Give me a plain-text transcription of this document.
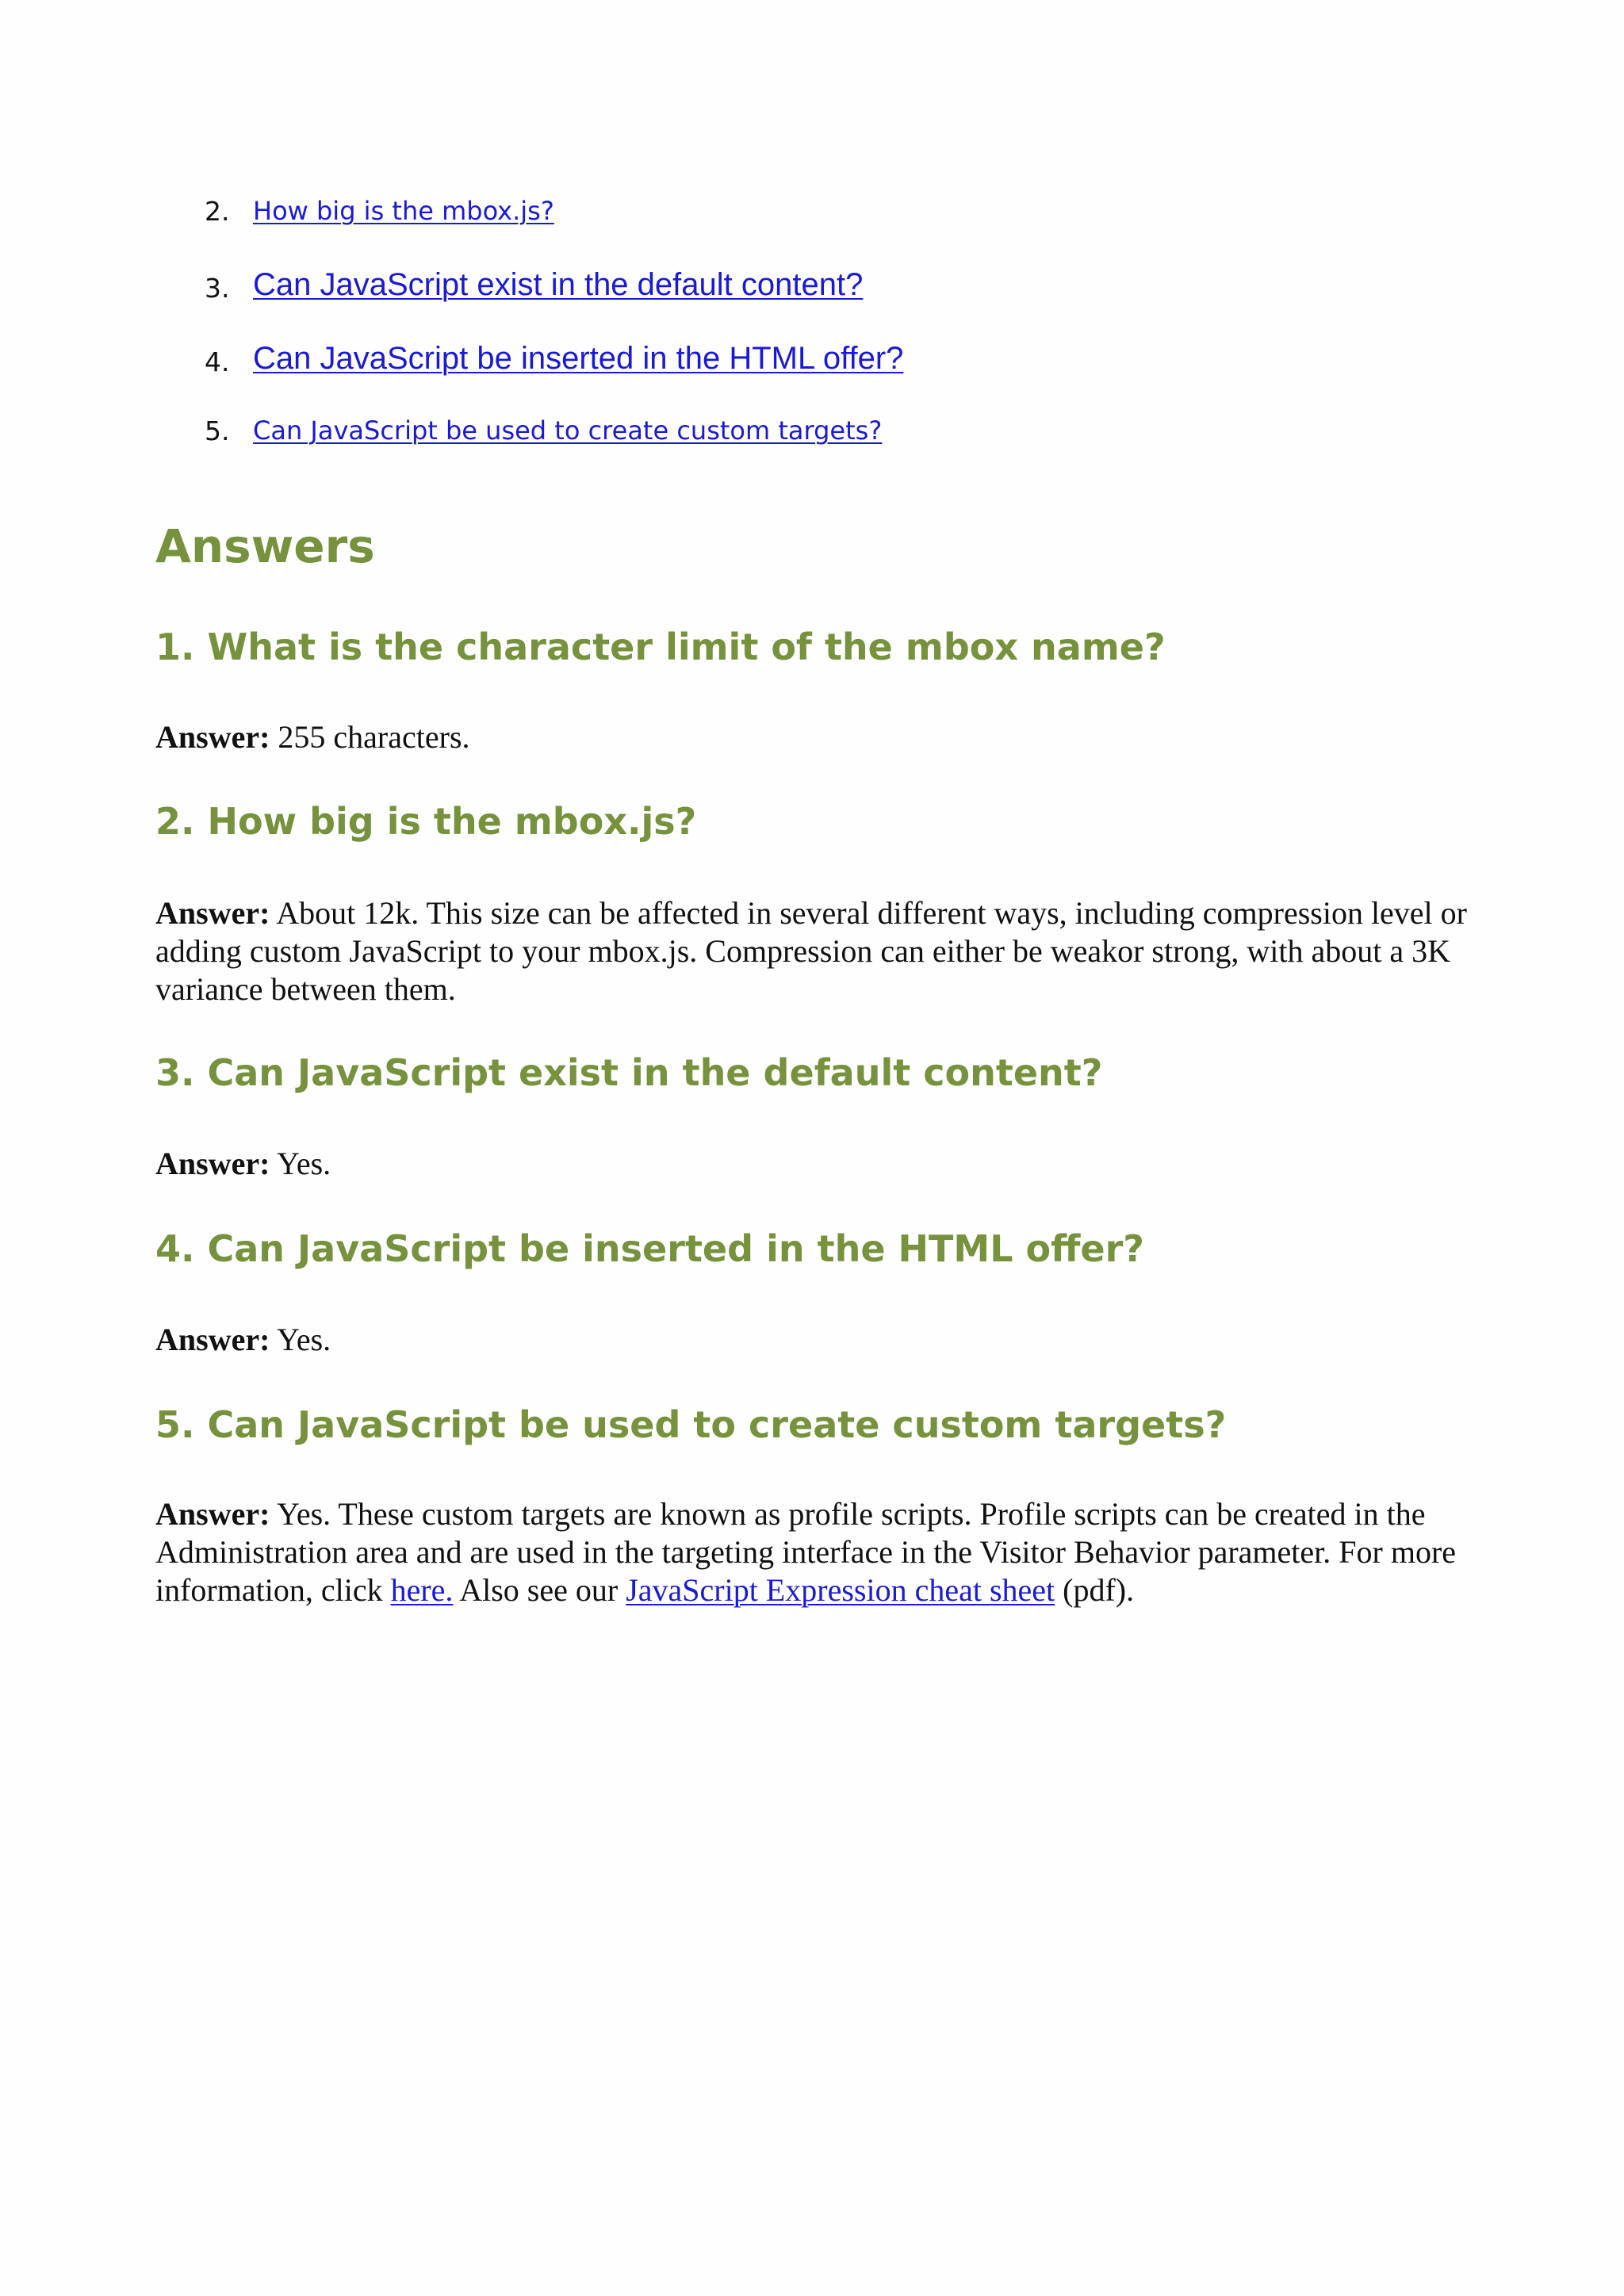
2. How big is the mbox.js?
3. Can JavaScript exist in the default content?
4. Can JavaScript be inserted in the HTML offer?
5. Can JavaScript be used to create custom targets?
Answers
1. What is the character limit of the mbox name?

Answer: 255 characters.

2. How big is the mbox.js?

Answer: About 12k. This size can be affected in several different ways, including compression level or adding custom JavaScript to your mbox.js. Compression can either be weakor strong, with about a 3K variance between them.

3. Can JavaScript exist in the default content?

Answer: Yes.

4. Can JavaScript be inserted in the HTML offer?

Answer: Yes.

5. Can JavaScript be used to create custom targets?

Answer: Yes. These custom targets are known as profile scripts. Profile scripts can be created in the Administration area and are used in the targeting interface in the Visitor Behavior parameter. For more information, click here. Also see our JavaScript Expression cheat sheet (pdf).
